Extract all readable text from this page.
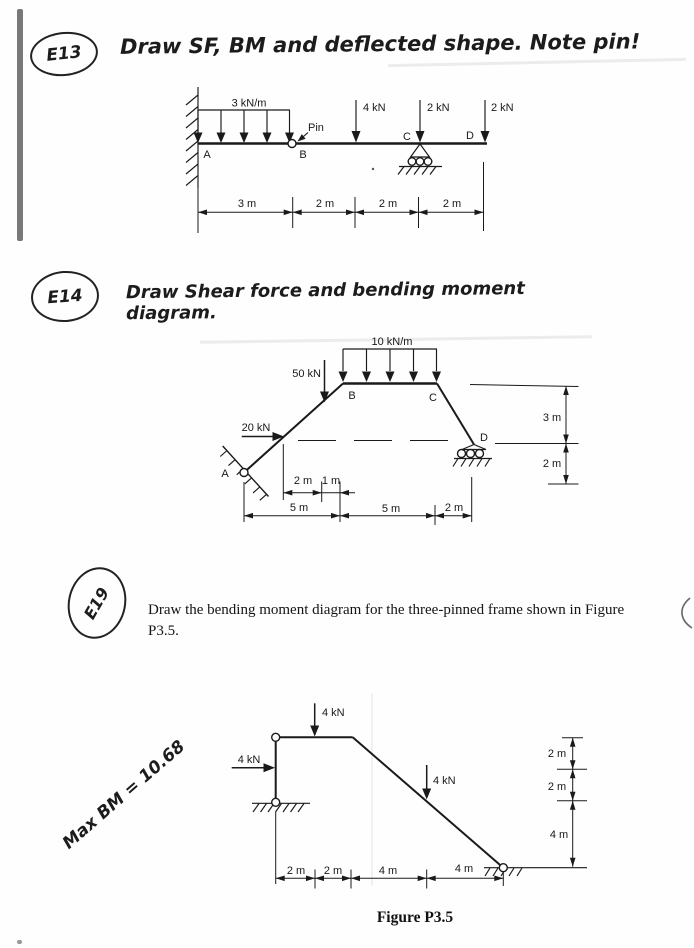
E13 Draw SF, BM and deflected shape. Note pin!
3 kN/m	4 kN	2 kN	2 kN
Pin
A	B
C	D
3 m	2 m	2 m	2 m
E14 Draw Shear force and bending moment diagram.
10 kN/m
50 kN
20 kN
A
B	C
D
3 m
2 m
2 m 1 m
5 m	5 m	2 m
E19 Draw the bending moment diagram for the three-pinned frame shown in Figure
P3.5.
Max BM = 10.68
4 kN
4 kN
4 kN
2 m
2 m
4 m
2 m 2 m	4 m	4 m
Figure P3.5
